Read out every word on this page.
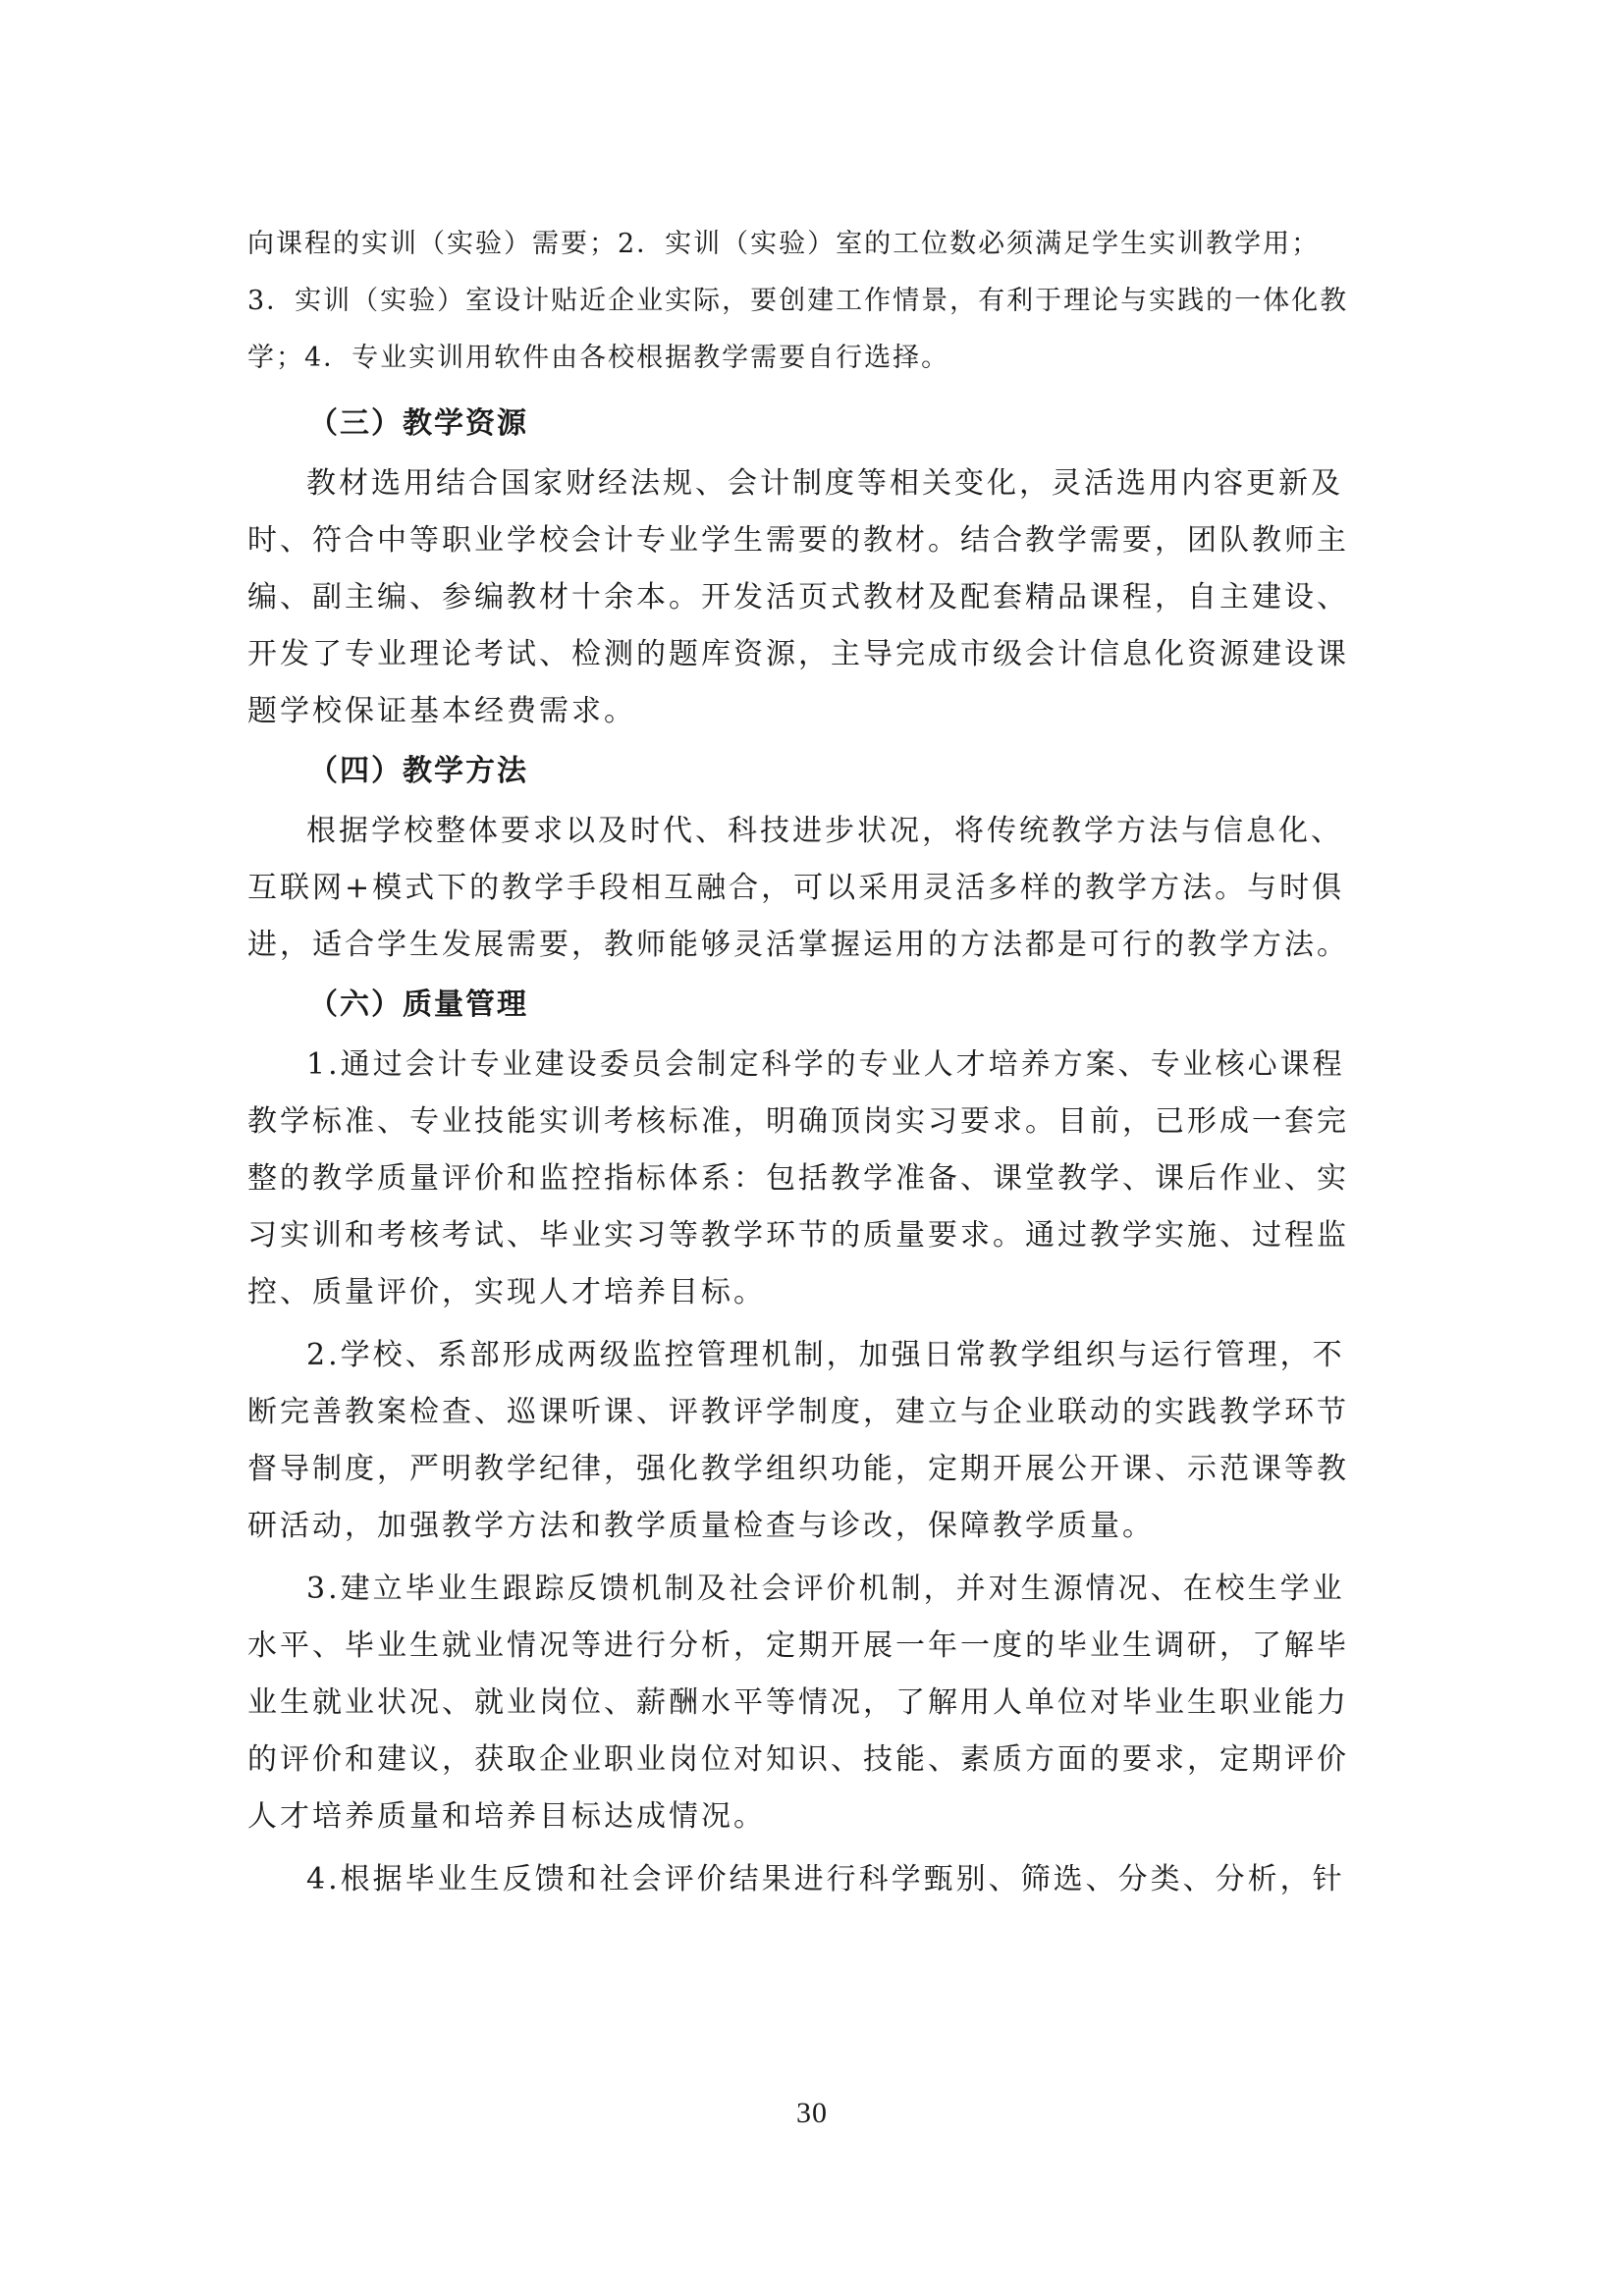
向课程的实训（实验）需要；2．实训（实验）室的工位数必须满足学生实训教学用；
3．实训（实验）室设计贴近企业实际，要创建工作情景，有利于理论与实践的一体化教
学；4．专业实训用软件由各校根据教学需要自行选择。
（三）教学资源
教材选用结合国家财经法规、会计制度等相关变化，灵活选用内容更新及
时、符合中等职业学校会计专业学生需要的教材。结合教学需要，团队教师主
编、副主编、参编教材十余本。开发活页式教材及配套精品课程，自主建设、
开发了专业理论考试、检测的题库资源，主导完成市级会计信息化资源建设课
题学校保证基本经费需求。
（四）教学方法
根据学校整体要求以及时代、科技进步状况，将传统教学方法与信息化、
互联网+模式下的教学手段相互融合，可以采用灵活多样的教学方法。与时俱
进，适合学生发展需要，教师能够灵活掌握运用的方法都是可行的教学方法。
（六）质量管理
1.通过会计专业建设委员会制定科学的专业人才培养方案、专业核心课程
教学标准、专业技能实训考核标准，明确顶岗实习要求。目前，已形成一套完
整的教学质量评价和监控指标体系：包括教学准备、课堂教学、课后作业、实
习实训和考核考试、毕业实习等教学环节的质量要求。通过教学实施、过程监
控、质量评价，实现人才培养目标。
2.学校、系部形成两级监控管理机制，加强日常教学组织与运行管理，不
断完善教案检查、巡课听课、评教评学制度，建立与企业联动的实践教学环节
督导制度，严明教学纪律，强化教学组织功能，定期开展公开课、示范课等教
研活动，加强教学方法和教学质量检查与诊改，保障教学质量。
3.建立毕业生跟踪反馈机制及社会评价机制，并对生源情况、在校生学业
水平、毕业生就业情况等进行分析，定期开展一年一度的毕业生调研，了解毕
业生就业状况、就业岗位、薪酬水平等情况，了解用人单位对毕业生职业能力
的评价和建议，获取企业职业岗位对知识、技能、素质方面的要求，定期评价
人才培养质量和培养目标达成情况。
4.根据毕业生反馈和社会评价结果进行科学甄别、筛选、分类、分析，针
30
